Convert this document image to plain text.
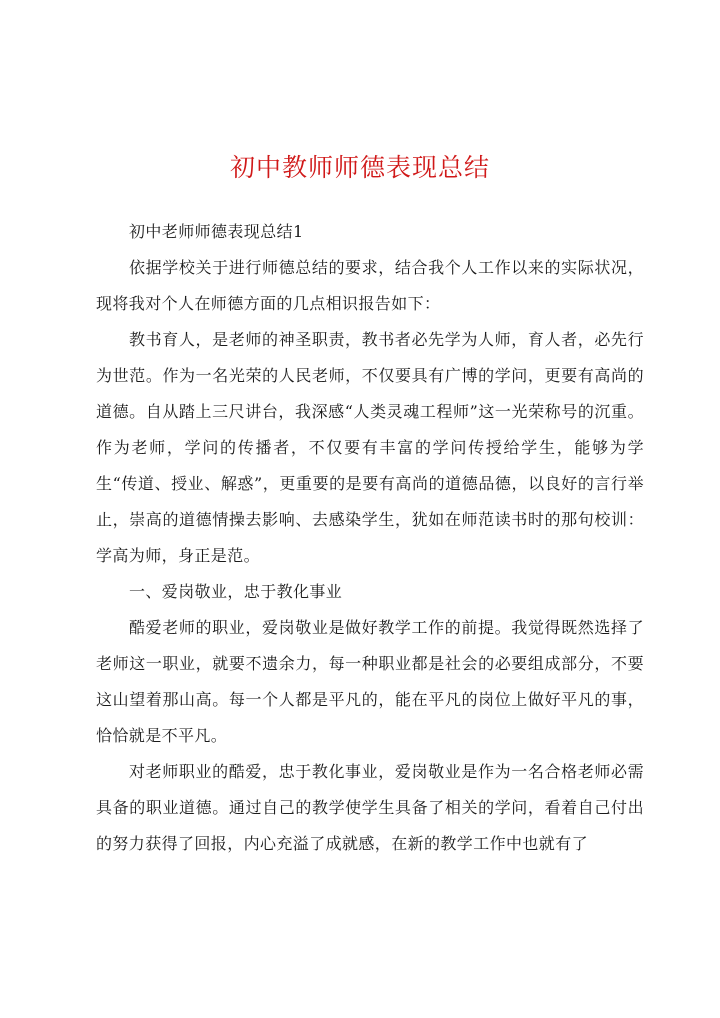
初中教师师德表现总结

初中老师师德表现总结1

依据学校关于进行师德总结的要求，结合我个人工作以来的实际状况，现将我对个人在师德方面的几点相识报告如下：

教书育人，是老师的神圣职责，教书者必先学为人师，育人者，必先行为世范。作为一名光荣的人民老师，不仅要具有广博的学问，更要有高尚的道德。自从踏上三尺讲台，我深感“人类灵魂工程师”这一光荣称号的沉重。作为老师，学问的传播者，不仅要有丰富的学问传授给学生，能够为学生“传道、授业、解惑”，更重要的是要有高尚的道德品德，以良好的言行举止，崇高的道德情操去影响、去感染学生，犹如在师范读书时的那句校训：学高为师，身正是范。

一、爱岗敬业，忠于教化事业

酷爱老师的职业，爱岗敬业是做好教学工作的前提。我觉得既然选择了老师这一职业，就要不遗余力，每一种职业都是社会的必要组成部分，不要这山望着那山高。每一个人都是平凡的，能在平凡的岗位上做好平凡的事，恰恰就是不平凡。

对老师职业的酷爱，忠于教化事业，爱岗敬业是作为一名合格老师必需具备的职业道德。通过自己的教学使学生具备了相关的学问，看着自己付出的努力获得了回报，内心充溢了成就感，在新的教学工作中也就有了
